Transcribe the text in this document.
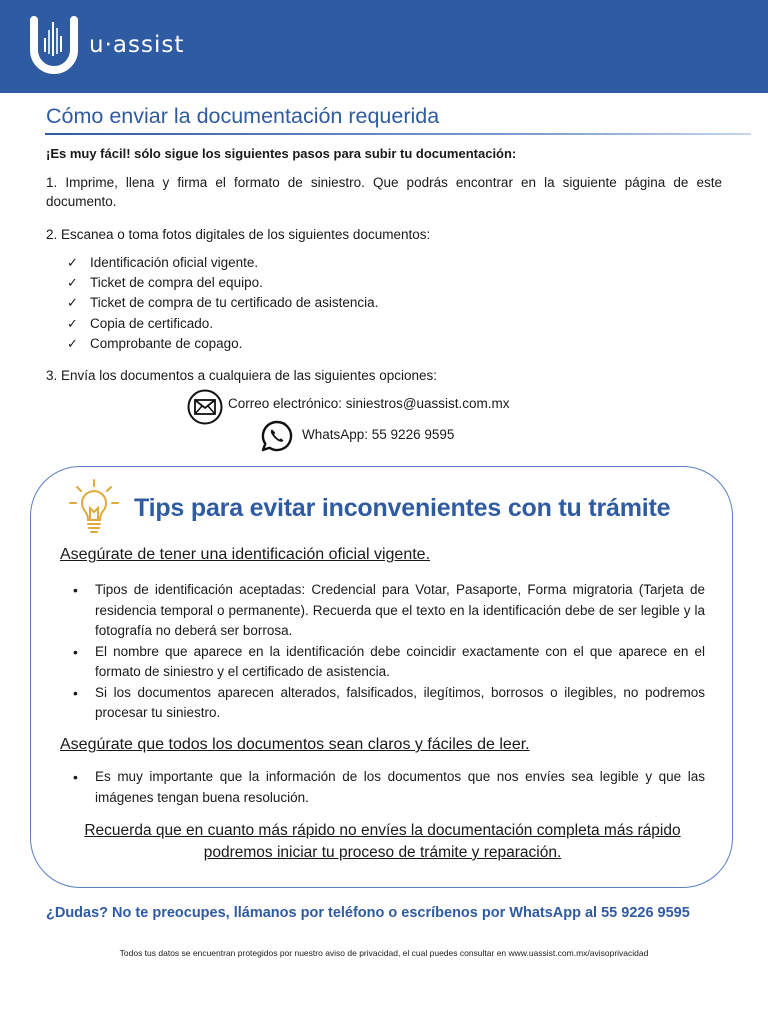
u·assist
Cómo enviar la documentación requerida
¡Es muy fácil! sólo sigue los siguientes pasos para subir tu documentación:
1. Imprime, llena y firma el formato de siniestro. Que podrás encontrar en la siguiente página de este documento.
2. Escanea o toma fotos digitales de los siguientes documentos:
✓ Identificación oficial vigente.
✓ Ticket de compra del equipo.
✓ Ticket de compra de tu certificado de asistencia.
✓ Copia de certificado.
✓ Comprobante de copago.
3. Envía los documentos a cualquiera de las siguientes opciones:
Correo electrónico: siniestros@uassist.com.mx
WhatsApp: 55 9226 9595
Tips para evitar inconvenientes con tu trámite
Asegúrate de tener una identificación oficial vigente.
• Tipos de identificación aceptadas: Credencial para Votar, Pasaporte, Forma migratoria (Tarjeta de residencia temporal o permanente). Recuerda que el texto en la identificación debe de ser legible y la fotografía no deberá ser borrosa.
• El nombre que aparece en la identificación debe coincidir exactamente con el que aparece en el formato de siniestro y el certificado de asistencia.
• Si los documentos aparecen alterados, falsificados, ilegítimos, borrosos o ilegibles, no podremos procesar tu siniestro.
Asegúrate que todos los documentos sean claros y fáciles de leer.
• Es muy importante que la información de los documentos que nos envíes sea legible y que las imágenes tengan buena resolución.
Recuerda que en cuanto más rápido no envíes la documentación completa más rápido podremos iniciar tu proceso de trámite y reparación.
¿Dudas? No te preocupes, llámanos por teléfono o escríbenos por WhatsApp al 55 9226 9595
Todos tus datos se encuentran protegidos por nuestro aviso de privacidad, el cual puedes consultar en www.uassist.com.mx/avisoprivacidad
